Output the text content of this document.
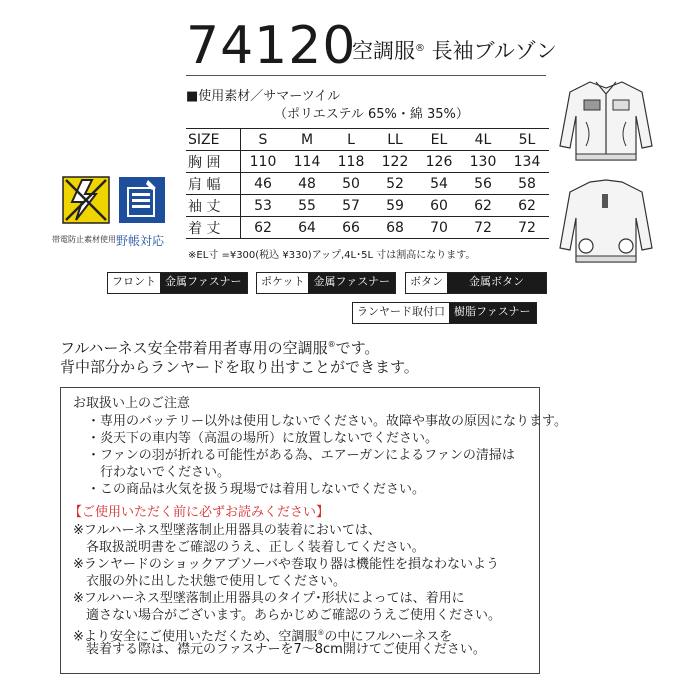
74120
空調服® 長袖ブルゾン
■使用素材／サマーツイル
（ポリエステル 65%・綿 35%）
SIZE	S	M	L	LL	EL	4L	5L
胸 囲	110	114	118	122	126	130	134
肩 幅	46	48	50	52	54	56	58
袖 丈	53	55	57	59	60	62	62
着 丈	62	64	66	68	70	72	72
※EL寸 =¥300(税込 ¥330)アップ,4L･5L 寸は割高になります。
帯電防止素材使用 野帳対応
フロント 金属ファスナー	ポケット 金属ファスナー	ボタン	金属ボタン
ランヤード取付口 樹脂ファスナー
フルハーネス安全帯着用者専用の空調服®です。
背中部分からランヤードを取り出すことができます。
お取扱い上のご注意
・専用のバッテリー以外は使用しないでください。故障や事故の原因になります。
・炎天下の車内等（高温の場所）に放置しないでください。
・ファンの羽が折れる可能性がある為、エアーガンによるファンの清掃は
　行わないでください。
・この商品は火気を扱う現場では着用しないでください。
【ご使用いただく前に必ずお読みください】
※フルハーネス型墜落制止用器具の装着においては、
　各取扱説明書をご確認のうえ、正しく装着してください。
※ランヤードのショックアブソーバや巻取り器は機能性を損なわないよう
　衣服の外に出した状態で使用してください。
※フルハーネス型墜落制止用器具のタイプ･形状によっては、着用に
　適さない場合がございます。あらかじめご確認のうえご使用ください。
※より安全にご使用いただくため、空調服®の中にフルハーネスを
　装着する際は、襟元のファスナーを7〜8cm開けてご使用ください。
